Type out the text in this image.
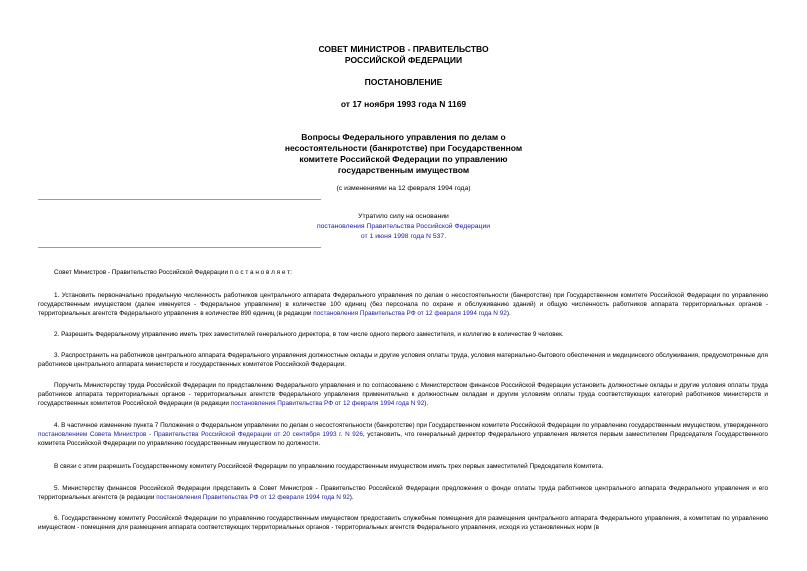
СОВЕТ МИНИСТРОВ - ПРАВИТЕЛЬСТВО
РОССИЙСКОЙ ФЕДЕРАЦИИ
ПОСТАНОВЛЕНИЕ
от 17 ноября 1993 года N 1169
Вопросы Федерального управления по делам о
несостоятельности (банкротстве) при Государственном
комитете Российской Федерации по управлению
государственным имуществом
(с изменениями на 12 февраля 1994 года)
Утратило силу на основании
постановления Правительства Российской Федерации
от 1 июня 1998 года N 537.
Совет Министров - Правительство Российской Федерации п о с т а н о в л я е т:
1. Установить первоначально предельную численность работников центрального аппарата Федерального управления по делам о несостоятельности (банкротстве) при Государственном комитете Российской Федерации по управлению государственным имуществом (далее именуется - Федеральное управление) в количестве 100 единиц (без персонала по охране и обслуживанию зданий) и общую численность работников аппарата территориальных органов - территориальных агентств Федерального управления в количестве 890 единиц (в редакции постановления Правительства РФ от 12 февраля 1994 года N 92).
2. Разрешить Федеральному управлению иметь трех заместителей генерального директора, в том числе одного первого заместителя, и коллегию в количестве 9 человек.
3. Распространить на работников центрального аппарата Федерального управления должностные оклады и другие условия оплаты труда, условия материально-бытового обеспечения и медицинского обслуживания, предусмотренные для работников центрального аппарата министерств и государственных комитетов Российской Федерации.
Поручить Министерству труда Российской Федерации по представлению Федерального управления и по согласованию с Министерством финансов Российской Федерации установить должностные оклады и другие условия оплаты труда работников аппарата территориальных органов - территориальных агентств Федерального управления применительно к должностным окладам и другим условиям оплаты труда соответствующих категорий работников министерств и государственных комитетов Российской Федерации (в редакции постановления Правительства РФ от 12 февраля 1994 года N 92).
4. В частичное изменение пункта 7 Положения о Федеральном управлении по делам о несостоятельности (банкротстве) при Государственном комитете Российской Федерации по управлению государственным имуществом, утвержденного постановлением Совета Министров - Правительства Российской Федерации от 20 сентября 1993 г. N 926, установить, что генеральный директор Федерального управления является первым заместителем Председателя Государственного комитета Российской Федерации по управлению государственным имуществом по должности.
В связи с этим разрешить Государственному комитету Российской Федерации по управлению государственным имуществом иметь трех первых заместителей Председателя Комитета.
5. Министерству финансов Российской Федерации представить в Совет Министров - Правительство Российской Федерации предложения о фонде оплаты труда работников центрального аппарата Федерального управления и его территориальных агентств (в редакции постановления Правительства РФ от 12 февраля 1994 года N 92).
6. Государственному комитету Российской Федерации по управлению государственным имуществом предоставить служебные помещения для размещения центрального аппарата Федерального управления, а комитетам по управлению имуществом - помещения для размещения аппарата соответствующих территориальных органов - территориальных агентств Федерального управления, исходя из установленных норм (в
